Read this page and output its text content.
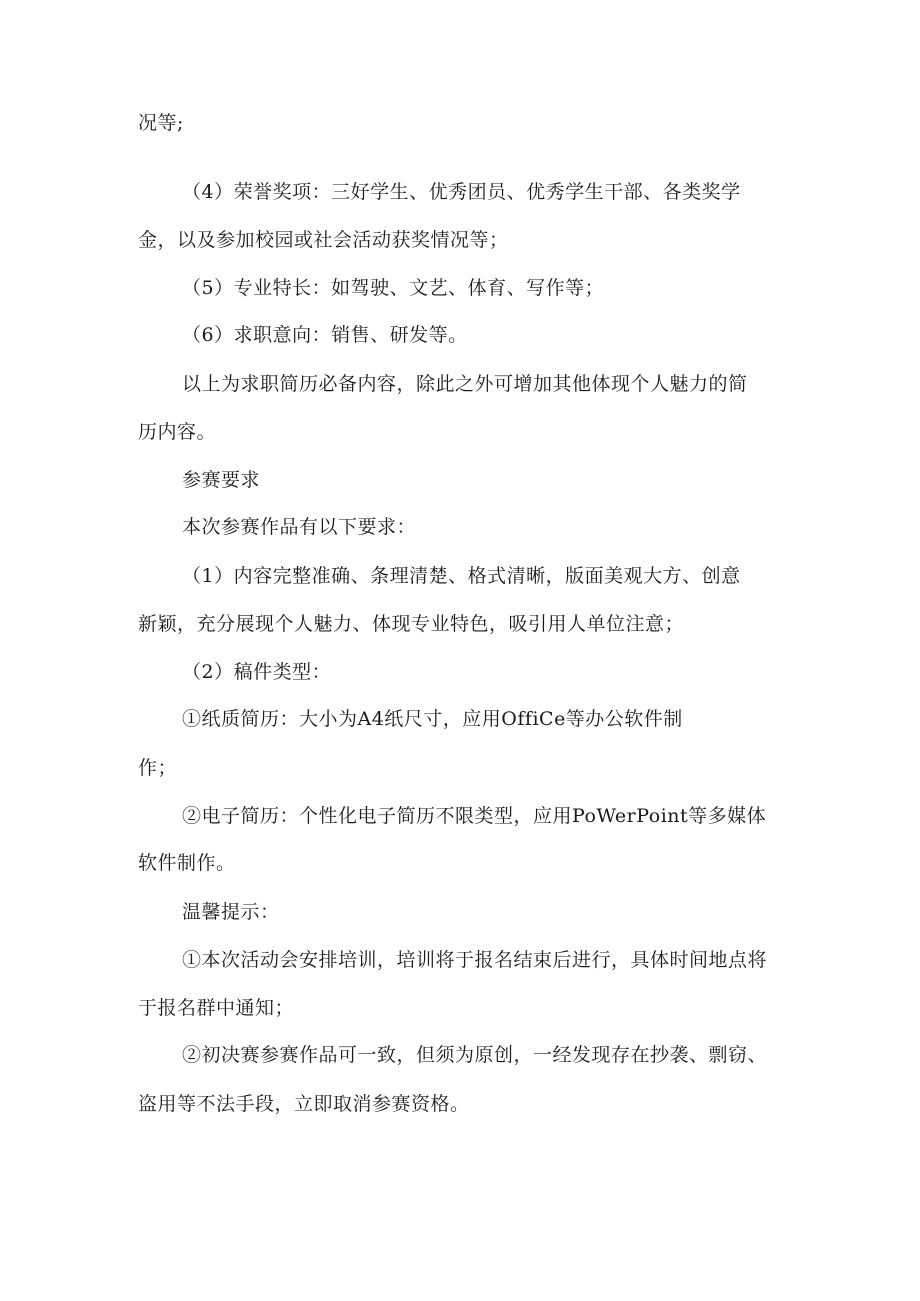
况等;
（4）荣誉奖项：三好学生、优秀团员、优秀学生干部、各类奖学
金，以及参加校园或社会活动获奖情况等；
（5）专业特长：如驾驶、文艺、体育、写作等；
（6）求职意向：销售、研发等。
以上为求职简历必备内容，除此之外可增加其他体现个人魅力的简
历内容。
参赛要求
本次参赛作品有以下要求：
（1）内容完整准确、条理清楚、格式清晰，版面美观大方、创意
新颖，充分展现个人魅力、体现专业特色，吸引用人单位注意；
（2）稿件类型：
①纸质简历：大小为A4纸尺寸，应用OffiCe等办公软件制
作；
②电子简历：个性化电子简历不限类型，应用PoWerPoint等多媒体
软件制作。
温馨提示：
①本次活动会安排培训，培训将于报名结束后进行，具体时间地点将
于报名群中通知；
②初决赛参赛作品可一致，但须为原创，一经发现存在抄袭、剽窃、
盗用等不法手段，立即取消参赛资格。
